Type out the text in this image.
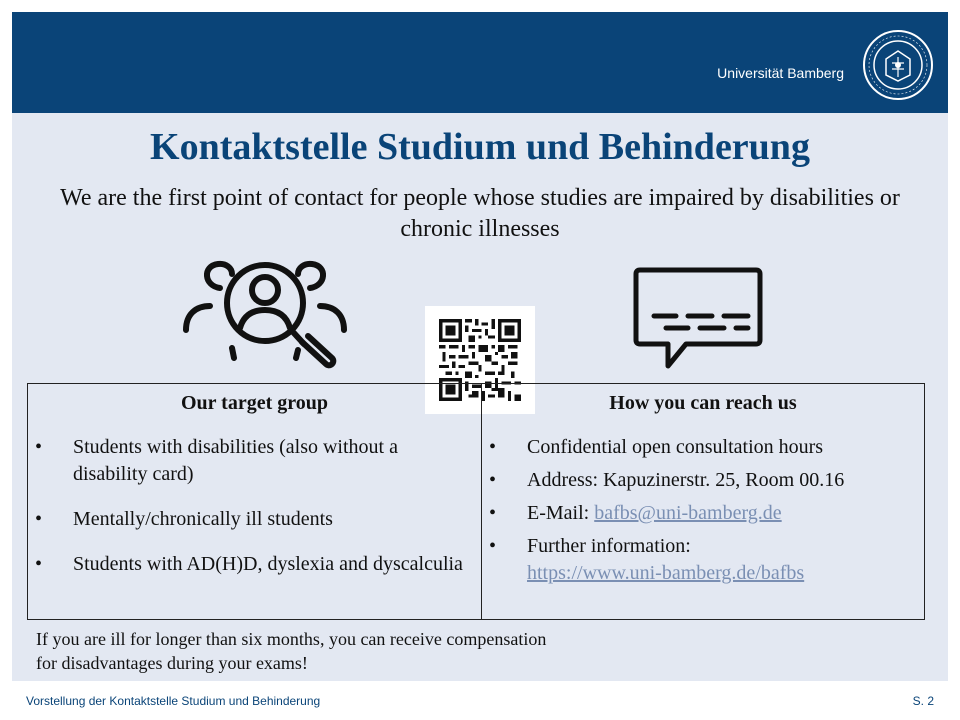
Universität Bamberg
Kontaktstelle Studium und Behinderung

We are the first point of contact for people whose studies are impaired by disabilities or chronic illnesses

Our target group
• Students with disabilities (also without a disability card)
• Mentally/chronically ill students
• Students with AD(H)D, dyslexia and dyscalculia
How you can reach us
• Confidential open consultation hours
• Address: Kapuzinerstr. 25, Room 00.16
• E-Mail: bafbs@uni-bamberg.de
• Further information:
https://www.uni-bamberg.de/bafbs

If you are ill for longer than six months, you can receive compensation for disadvantages during your exams!

Vorstellung der Kontaktstelle Studium und Behinderung	S. 2
